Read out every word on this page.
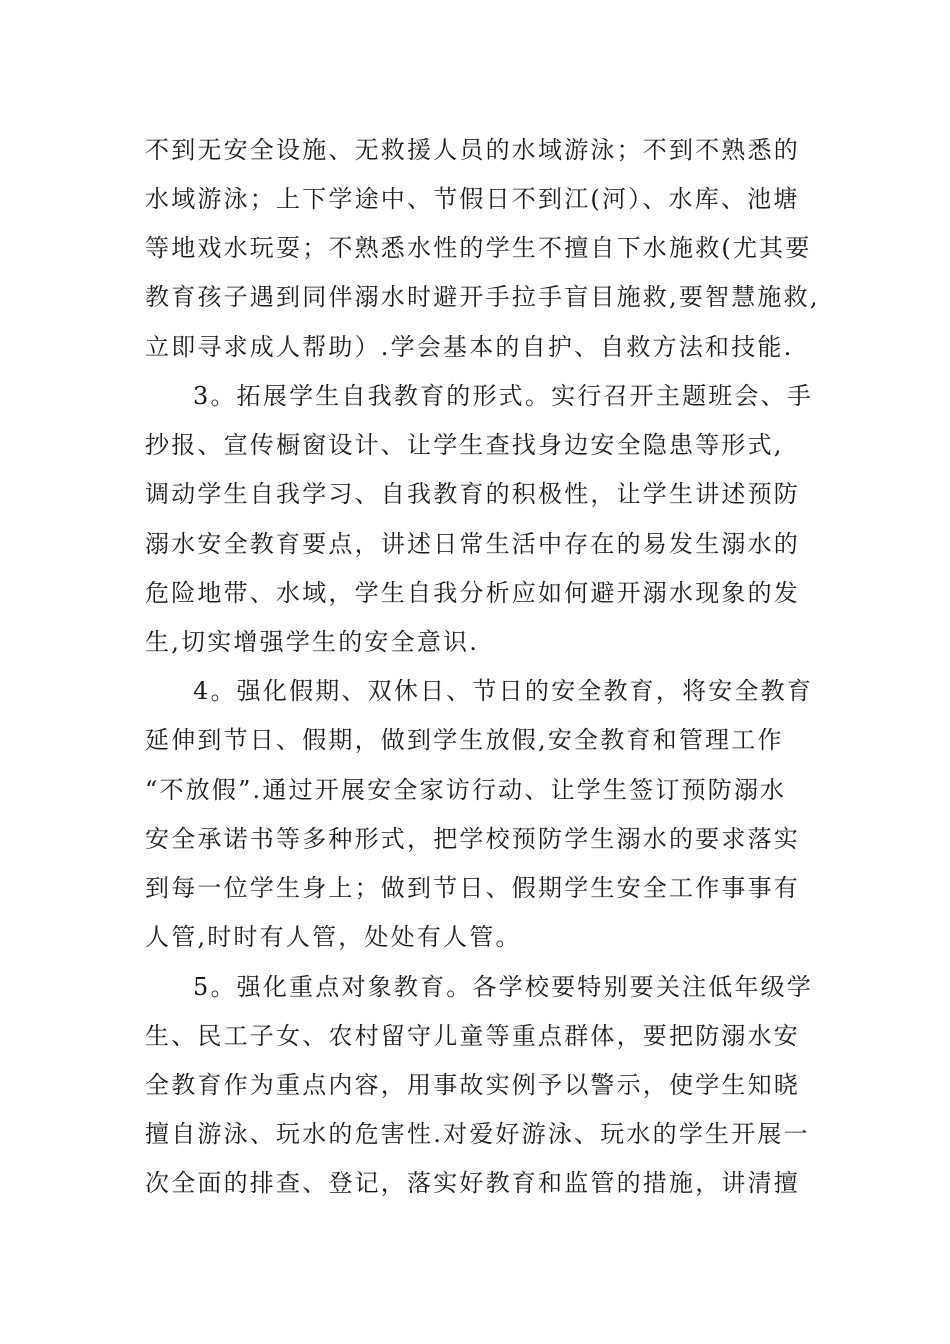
不到无安全设施、无救援人员的水域游泳；不到不熟悉的
水域游泳；上下学途中、节假日不到江(河）、水库、池塘
等地戏水玩耍；不熟悉水性的学生不擅自下水施救(尤其要
教育孩子遇到同伴溺水时避开手拉手盲目施救,要智慧施救,
立即寻求成人帮助）.学会基本的自护、自救方法和技能.
3。拓展学生自我教育的形式。实行召开主题班会、手
抄报、宣传橱窗设计、让学生查找身边安全隐患等形式,
调动学生自我学习、自我教育的积极性，让学生讲述预防
溺水安全教育要点，讲述日常生活中存在的易发生溺水的
危险地带、水域，学生自我分析应如何避开溺水现象的发
生,切实增强学生的安全意识.
4。强化假期、双休日、节日的安全教育，将安全教育
延伸到节日、假期，做到学生放假,安全教育和管理工作
“不放假”.通过开展安全家访行动、让学生签订预防溺水
安全承诺书等多种形式，把学校预防学生溺水的要求落实
到每一位学生身上；做到节日、假期学生安全工作事事有
人管,时时有人管，处处有人管。
5。强化重点对象教育。各学校要特别要关注低年级学
生、民工子女、农村留守儿童等重点群体，要把防溺水安
全教育作为重点内容，用事故实例予以警示，使学生知晓
擅自游泳、玩水的危害性.对爱好游泳、玩水的学生开展一
次全面的排查、登记，落实好教育和监管的措施，讲清擅
